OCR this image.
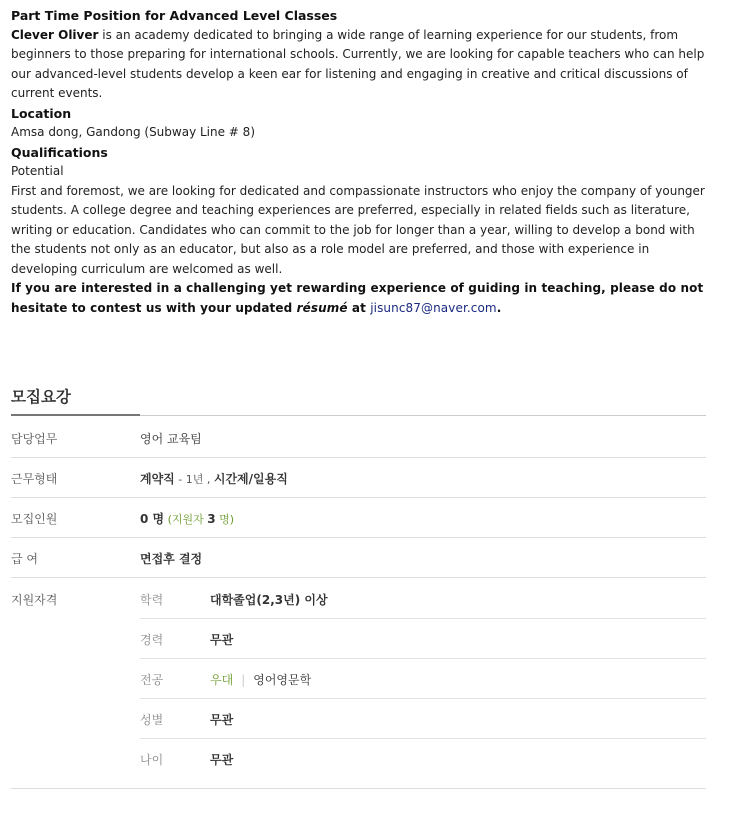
Part Time Position for Advanced Level Classes

Clever Oliver is an academy dedicated to bringing a wide range of learning experience for our students, from beginners to those preparing for international schools. Currently, we are looking for capable teachers who can help our advanced-level students develop a keen ear for listening and engaging in creative and critical discussions of current events.

Location

Amsa dong, Gandong (Subway Line # 8)

Qualifications

Potential

First and foremost, we are looking for dedicated and compassionate instructors who enjoy the company of younger students. A college degree and teaching experiences are preferred, especially in related fields such as literature, writing or education. Candidates who can commit to the job for longer than a year, willing to develop a bond with the students not only as an educator, but also as a role model are preferred, and those with experience in developing curriculum are welcomed as well.

If you are interested in a challenging yet rewarding experience of guiding in teaching, please do not hesitate to contest us with your updated résumé at jisunc87@naver.com.

모집요강
담당업무	영어 교육팀
근무형태	계약직 - 1년 , 시간제/일용직
모집인원	0 명 (지원자 3 명)
급 여	면접후 결정
지원자격	학력	대학졸업(2,3년) 이상
경력	무관
전공	우대 | 영어영문학
성별	무관
나이	무관
